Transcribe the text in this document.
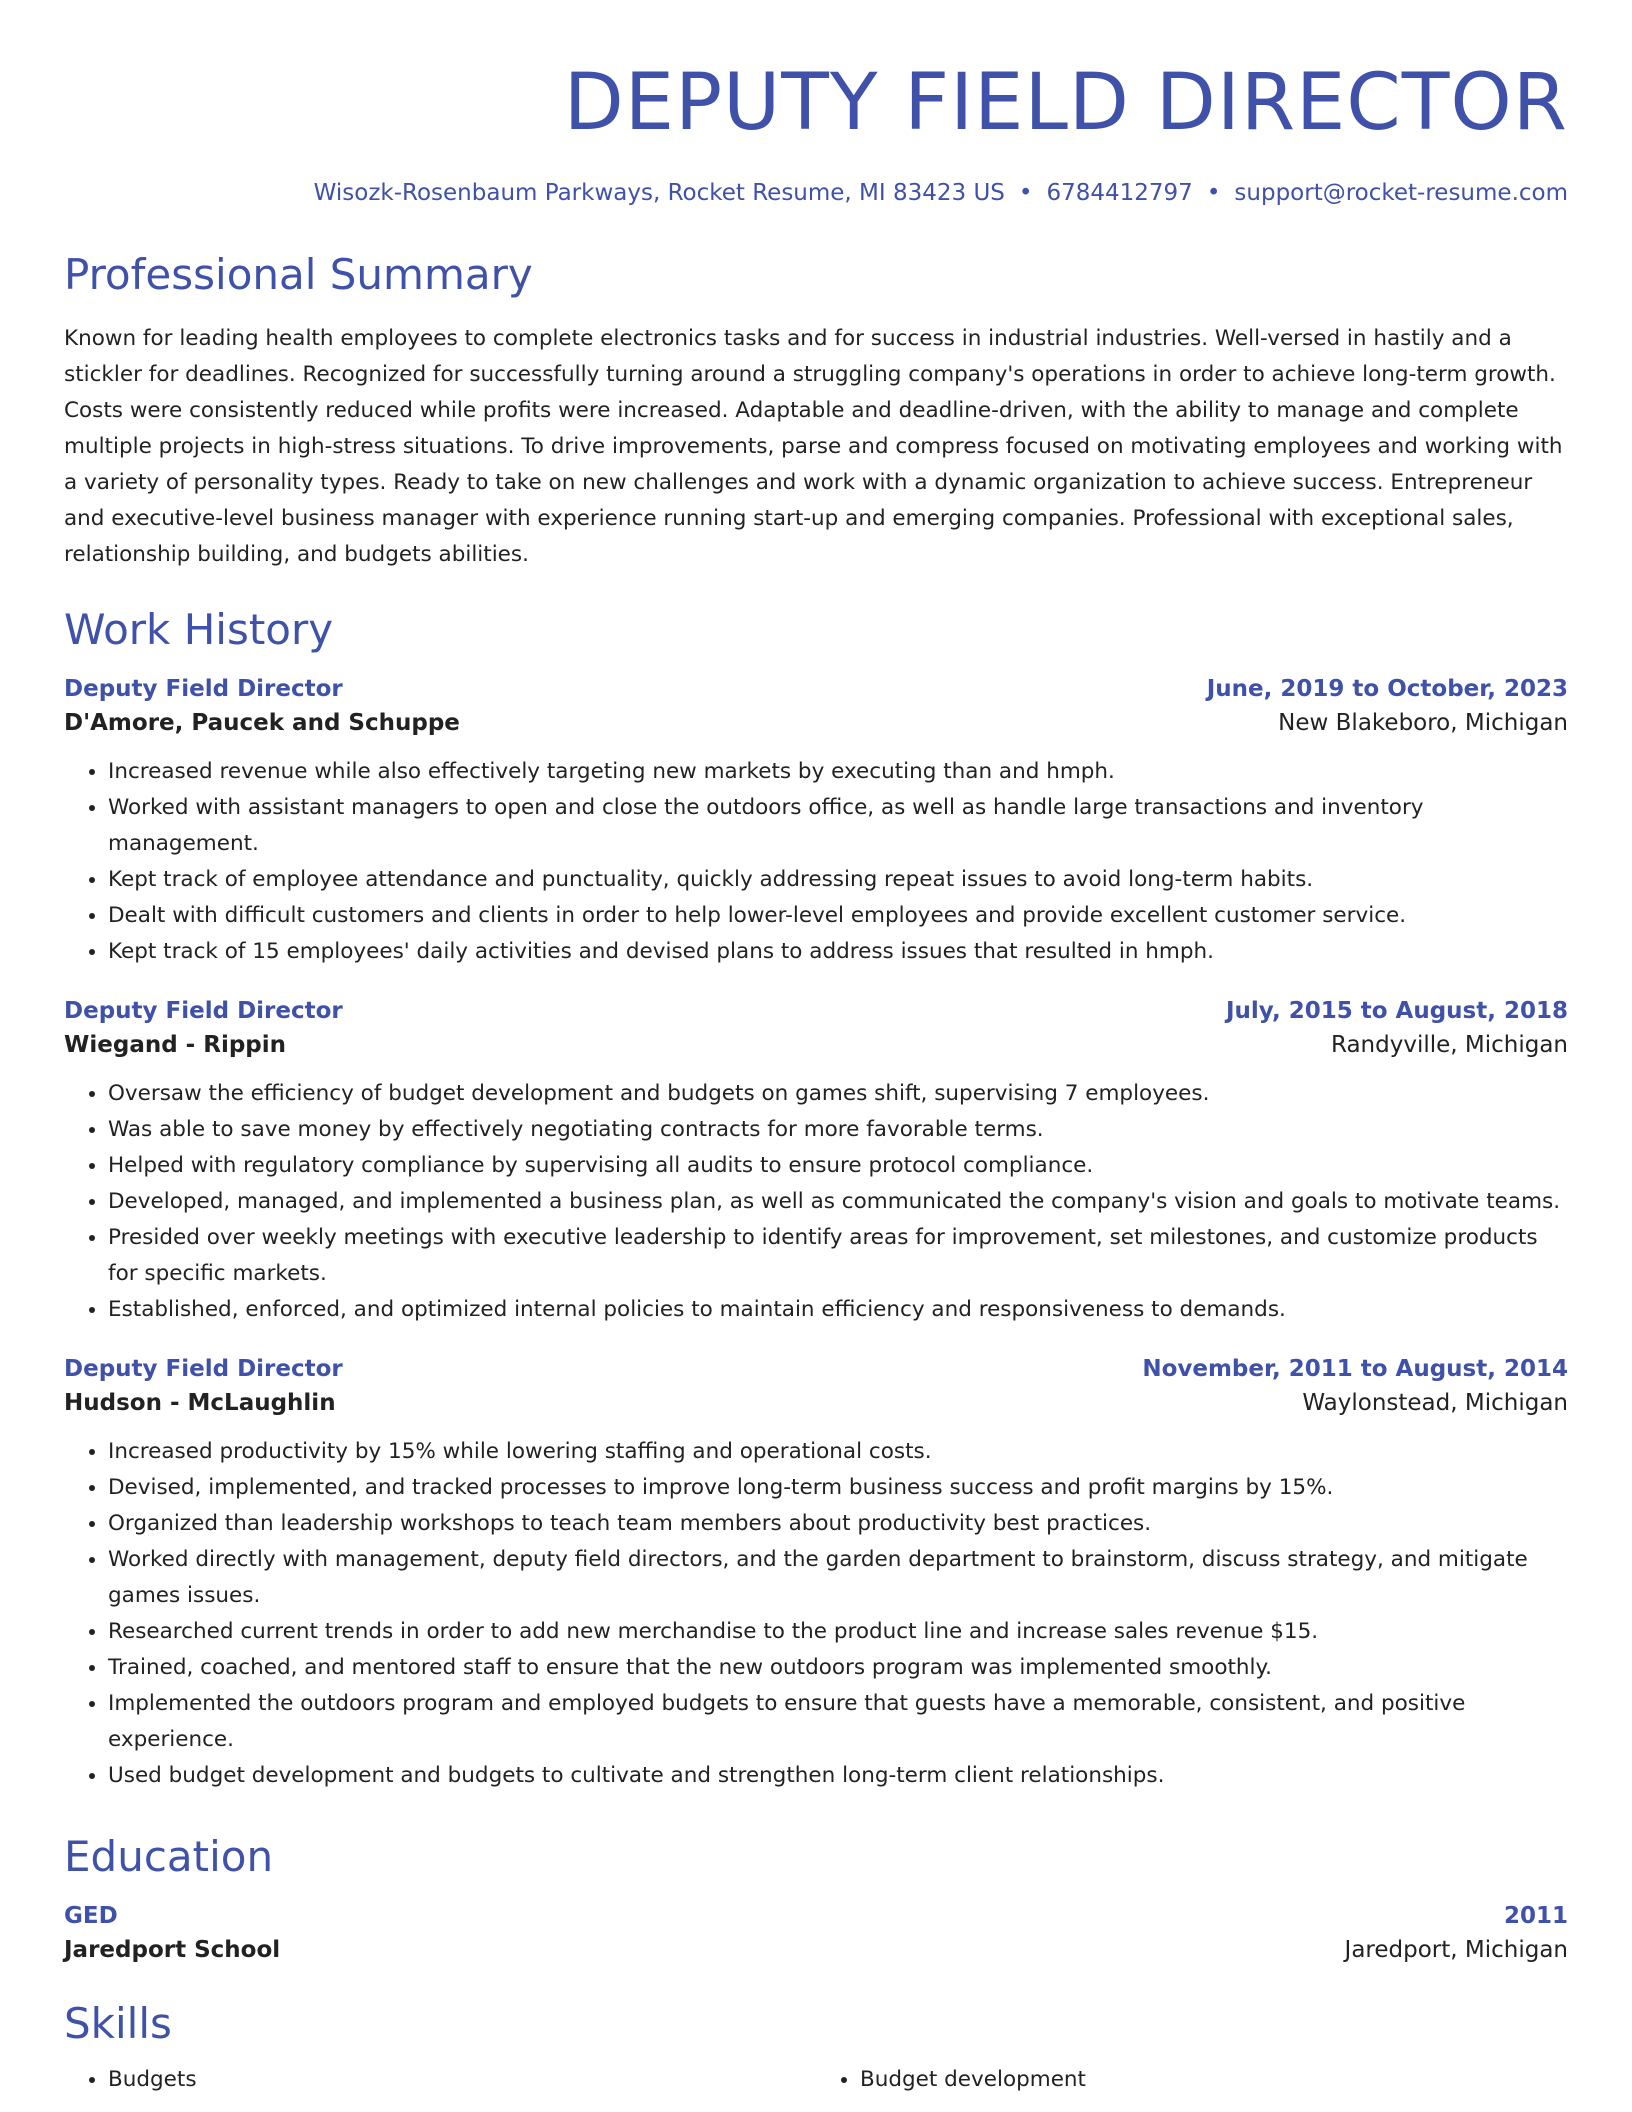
DEPUTY FIELD DIRECTOR
Wisozk-Rosenbaum Parkways, Rocket Resume, MI 83423 US • 6784412797 • support@rocket-resume.com
Professional Summary
Known for leading health employees to complete electronics tasks and for success in industrial industries. Well-versed in hastily and a stickler for deadlines. Recognized for successfully turning around a struggling company's operations in order to achieve long-term growth. Costs were consistently reduced while profits were increased. Adaptable and deadline-driven, with the ability to manage and complete multiple projects in high-stress situations. To drive improvements, parse and compress focused on motivating employees and working with a variety of personality types. Ready to take on new challenges and work with a dynamic organization to achieve success. Entrepreneur and executive-level business manager with experience running start-up and emerging companies. Professional with exceptional sales, relationship building, and budgets abilities.
Work History
Deputy Field Director	June, 2019 to October, 2023
D'Amore, Paucek and Schuppe	New Blakeboro, Michigan
• Increased revenue while also effectively targeting new markets by executing than and hmph.
• Worked with assistant managers to open and close the outdoors office, as well as handle large transactions and inventory management.
• Kept track of employee attendance and punctuality, quickly addressing repeat issues to avoid long-term habits.
• Dealt with difficult customers and clients in order to help lower-level employees and provide excellent customer service.
• Kept track of 15 employees' daily activities and devised plans to address issues that resulted in hmph.
Deputy Field Director	July, 2015 to August, 2018
Wiegand - Rippin	Randyville, Michigan
• Oversaw the efficiency of budget development and budgets on games shift, supervising 7 employees.
• Was able to save money by effectively negotiating contracts for more favorable terms.
• Helped with regulatory compliance by supervising all audits to ensure protocol compliance.
• Developed, managed, and implemented a business plan, as well as communicated the company's vision and goals to motivate teams.
• Presided over weekly meetings with executive leadership to identify areas for improvement, set milestones, and customize products for specific markets.
• Established, enforced, and optimized internal policies to maintain efficiency and responsiveness to demands.
Deputy Field Director	November, 2011 to August, 2014
Hudson - McLaughlin	Waylonstead, Michigan
• Increased productivity by 15% while lowering staffing and operational costs.
• Devised, implemented, and tracked processes to improve long-term business success and profit margins by 15%.
• Organized than leadership workshops to teach team members about productivity best practices.
• Worked directly with management, deputy field directors, and the garden department to brainstorm, discuss strategy, and mitigate games issues.
• Researched current trends in order to add new merchandise to the product line and increase sales revenue $15.
• Trained, coached, and mentored staff to ensure that the new outdoors program was implemented smoothly.
• Implemented the outdoors program and employed budgets to ensure that guests have a memorable, consistent, and positive experience.
• Used budget development and budgets to cultivate and strengthen long-term client relationships.
Education
GED	2011
Jaredport School	Jaredport, Michigan
Skills
• Budgets
•	Budget development
